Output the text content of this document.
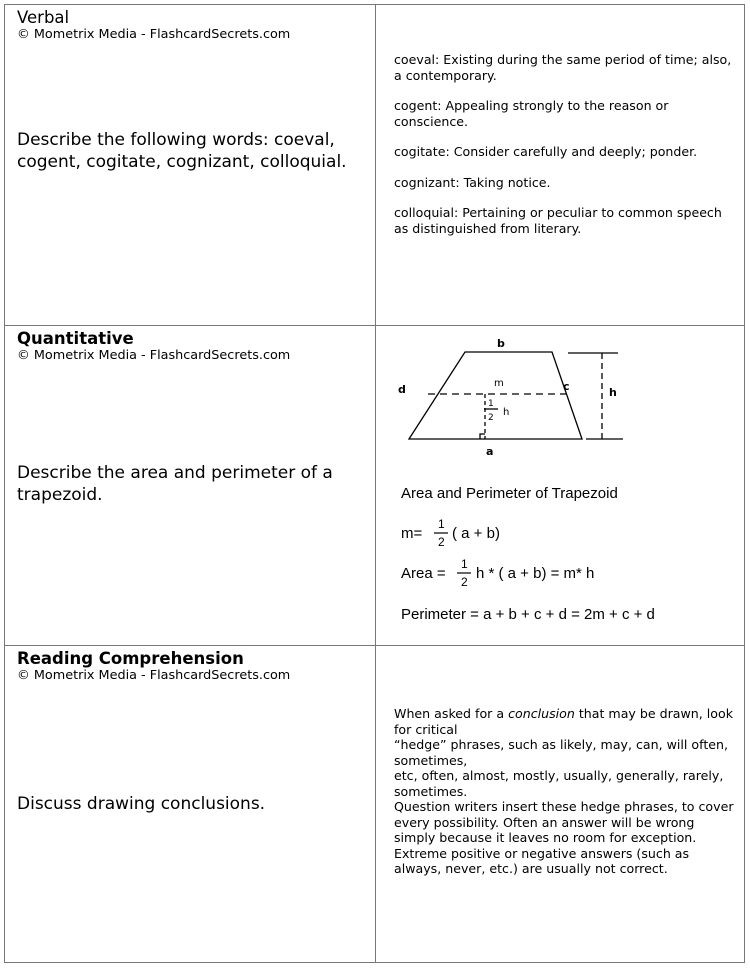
Verbal
© Mometrix Media - FlashcardSecrets.com
Describe the following words: coeval, cogent, cogitate, cognizant, colloquial.

coeval: Existing during the same period of time; also, a contemporary.

cogent: Appealing strongly to the reason or conscience.

cogitate: Consider carefully and deeply; ponder.

cognizant: Taking notice.

colloquial: Pertaining or peculiar to common speech as distinguished from literary.

Quantitative
© Mometrix Media - FlashcardSecrets.com
Describe the area and perimeter of a trapezoid.
b
a
d	c	h
m
1
2 h
Area and Perimeter of Trapezoid
m=
1
2 ( a + b)
Area =
1
2 h * ( a + b) = m* h
Perimeter = a + b + c + d = 2m + c + d
Reading Comprehension
© Mometrix Media - FlashcardSecrets.com
Discuss drawing conclusions.

When asked for a conclusion that may be drawn, look for critical

“hedge” phrases, such as likely, may, can, will often, sometimes,

etc, often, almost, mostly, usually, generally, rarely, sometimes.

Question writers insert these hedge phrases, to cover every possibility. Often an answer will be wrong simply because it leaves no room for exception. Extreme positive or negative answers (such as always, never, etc.) are usually not correct.
